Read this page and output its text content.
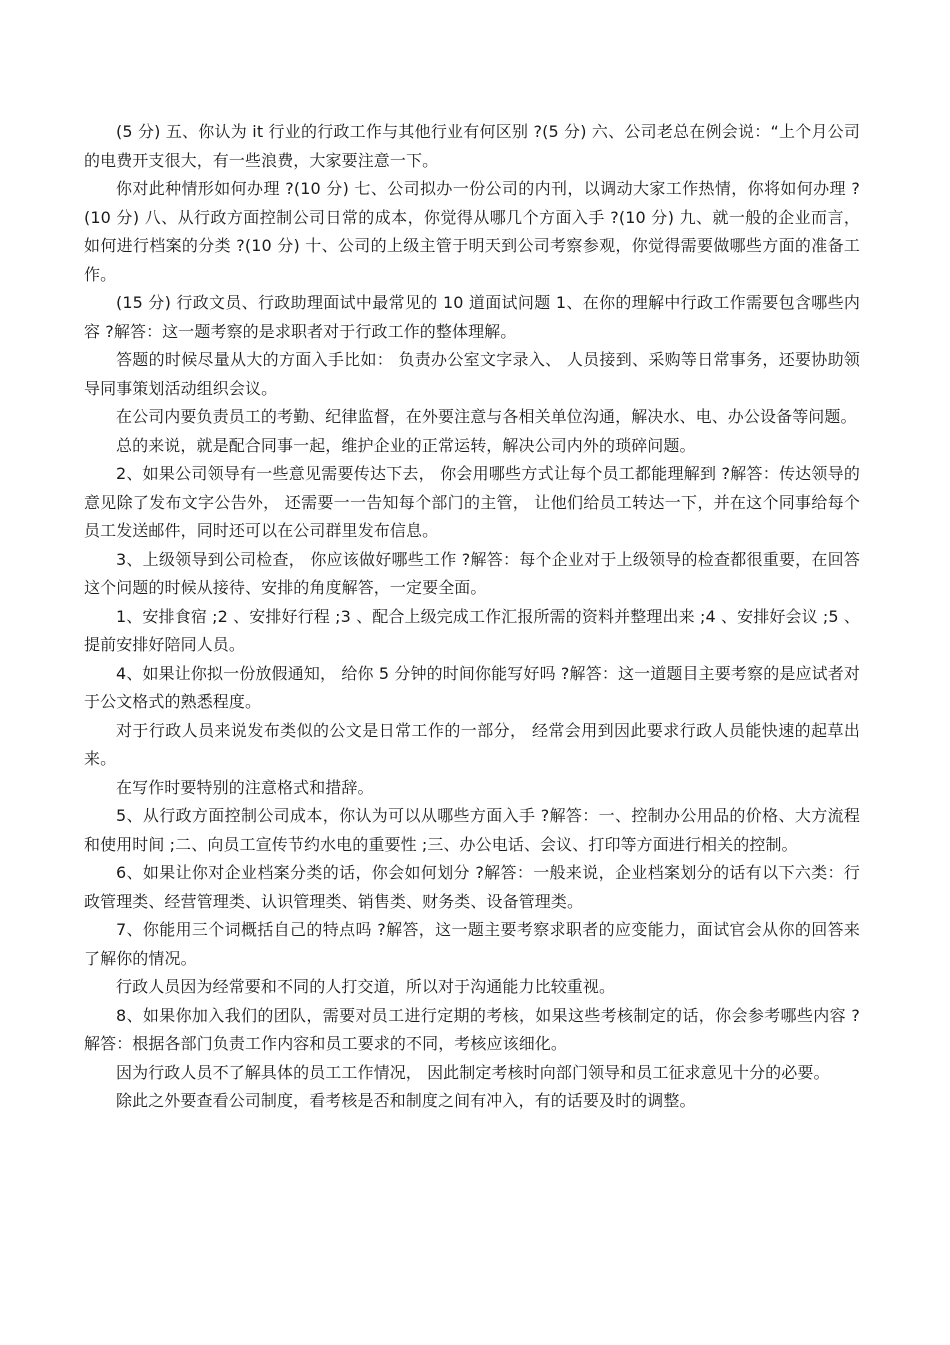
(5 分) 五、你认为 it 行业的行政工作与其他行业有何区别 ?(5 分) 六、公司老总在例会说：“上个月公司的电费开支很大，有一些浪费，大家要注意一下。

你对此种情形如何办理 ?(10 分) 七、公司拟办一份公司的内刊，以调动大家工作热情，你将如何办理 ?(10 分) 八、从行政方面控制公司日常的成本，你觉得从哪几个方面入手 ?(10 分) 九、就一般的企业而言，如何进行档案的分类 ?(10 分) 十、公司的上级主管于明天到公司考察参观，你觉得需要做哪些方面的准备工作。

(15 分) 行政文员、行政助理面试中最常见的 10 道面试问题 1、在你的理解中行政工作需要包含哪些内容 ?解答：这一题考察的是求职者对于行政工作的整体理解。

答题的时候尽量从大的方面入手比如： 负责办公室文字录入、 人员接到、采购等日常事务，还要协助领导同事策划活动组织会议。

在公司内要负责员工的考勤、纪律监督，在外要注意与各相关单位沟通，解决水、电、办公设备等问题。

总的来说，就是配合同事一起，维护企业的正常运转，解决公司内外的琐碎问题。

2、如果公司领导有一些意见需要传达下去， 你会用哪些方式让每个员工都能理解到 ?解答：传达领导的意见除了发布文字公告外， 还需要一一告知每个部门的主管， 让他们给员工转达一下，并在这个同事给每个员工发送邮件，同时还可以在公司群里发布信息。

3、上级领导到公司检查， 你应该做好哪些工作 ?解答：每个企业对于上级领导的检查都很重要，在回答这个问题的时候从接待、安排的角度解答，一定要全面。

1、安排食宿 ;2 、安排好行程 ;3 、配合上级完成工作汇报所需的资料并整理出来 ;4 、安排好会议 ;5 、提前安排好陪同人员。

4、如果让你拟一份放假通知， 给你 5 分钟的时间你能写好吗 ?解答：这一道题目主要考察的是应试者对于公文格式的熟悉程度。

对于行政人员来说发布类似的公文是日常工作的一部分， 经常会用到因此要求行政人员能快速的起草出来。

在写作时要特别的注意格式和措辞。

5、从行政方面控制公司成本，你认为可以从哪些方面入手 ?解答：一、控制办公用品的价格、大方流程和使用时间 ;二、向员工宣传节约水电的重要性 ;三、办公电话、会议、打印等方面进行相关的控制。

6、如果让你对企业档案分类的话，你会如何划分 ?解答：一般来说，企业档案划分的话有以下六类：行政管理类、经营管理类、认识管理类、销售类、财务类、设备管理类。

7、你能用三个词概括自己的特点吗 ?解答，这一题主要考察求职者的应变能力，面试官会从你的回答来了解你的情况。

行政人员因为经常要和不同的人打交道，所以对于沟通能力比较重视。

8、如果你加入我们的团队，需要对员工进行定期的考核，如果这些考核制定的话，你会参考哪些内容 ?解答：根据各部门负责工作内容和员工要求的不同，考核应该细化。

因为行政人员不了解具体的员工工作情况， 因此制定考核时向部门领导和员工征求意见十分的必要。

除此之外要查看公司制度，看考核是否和制度之间有冲入，有的话要及时的调整。
